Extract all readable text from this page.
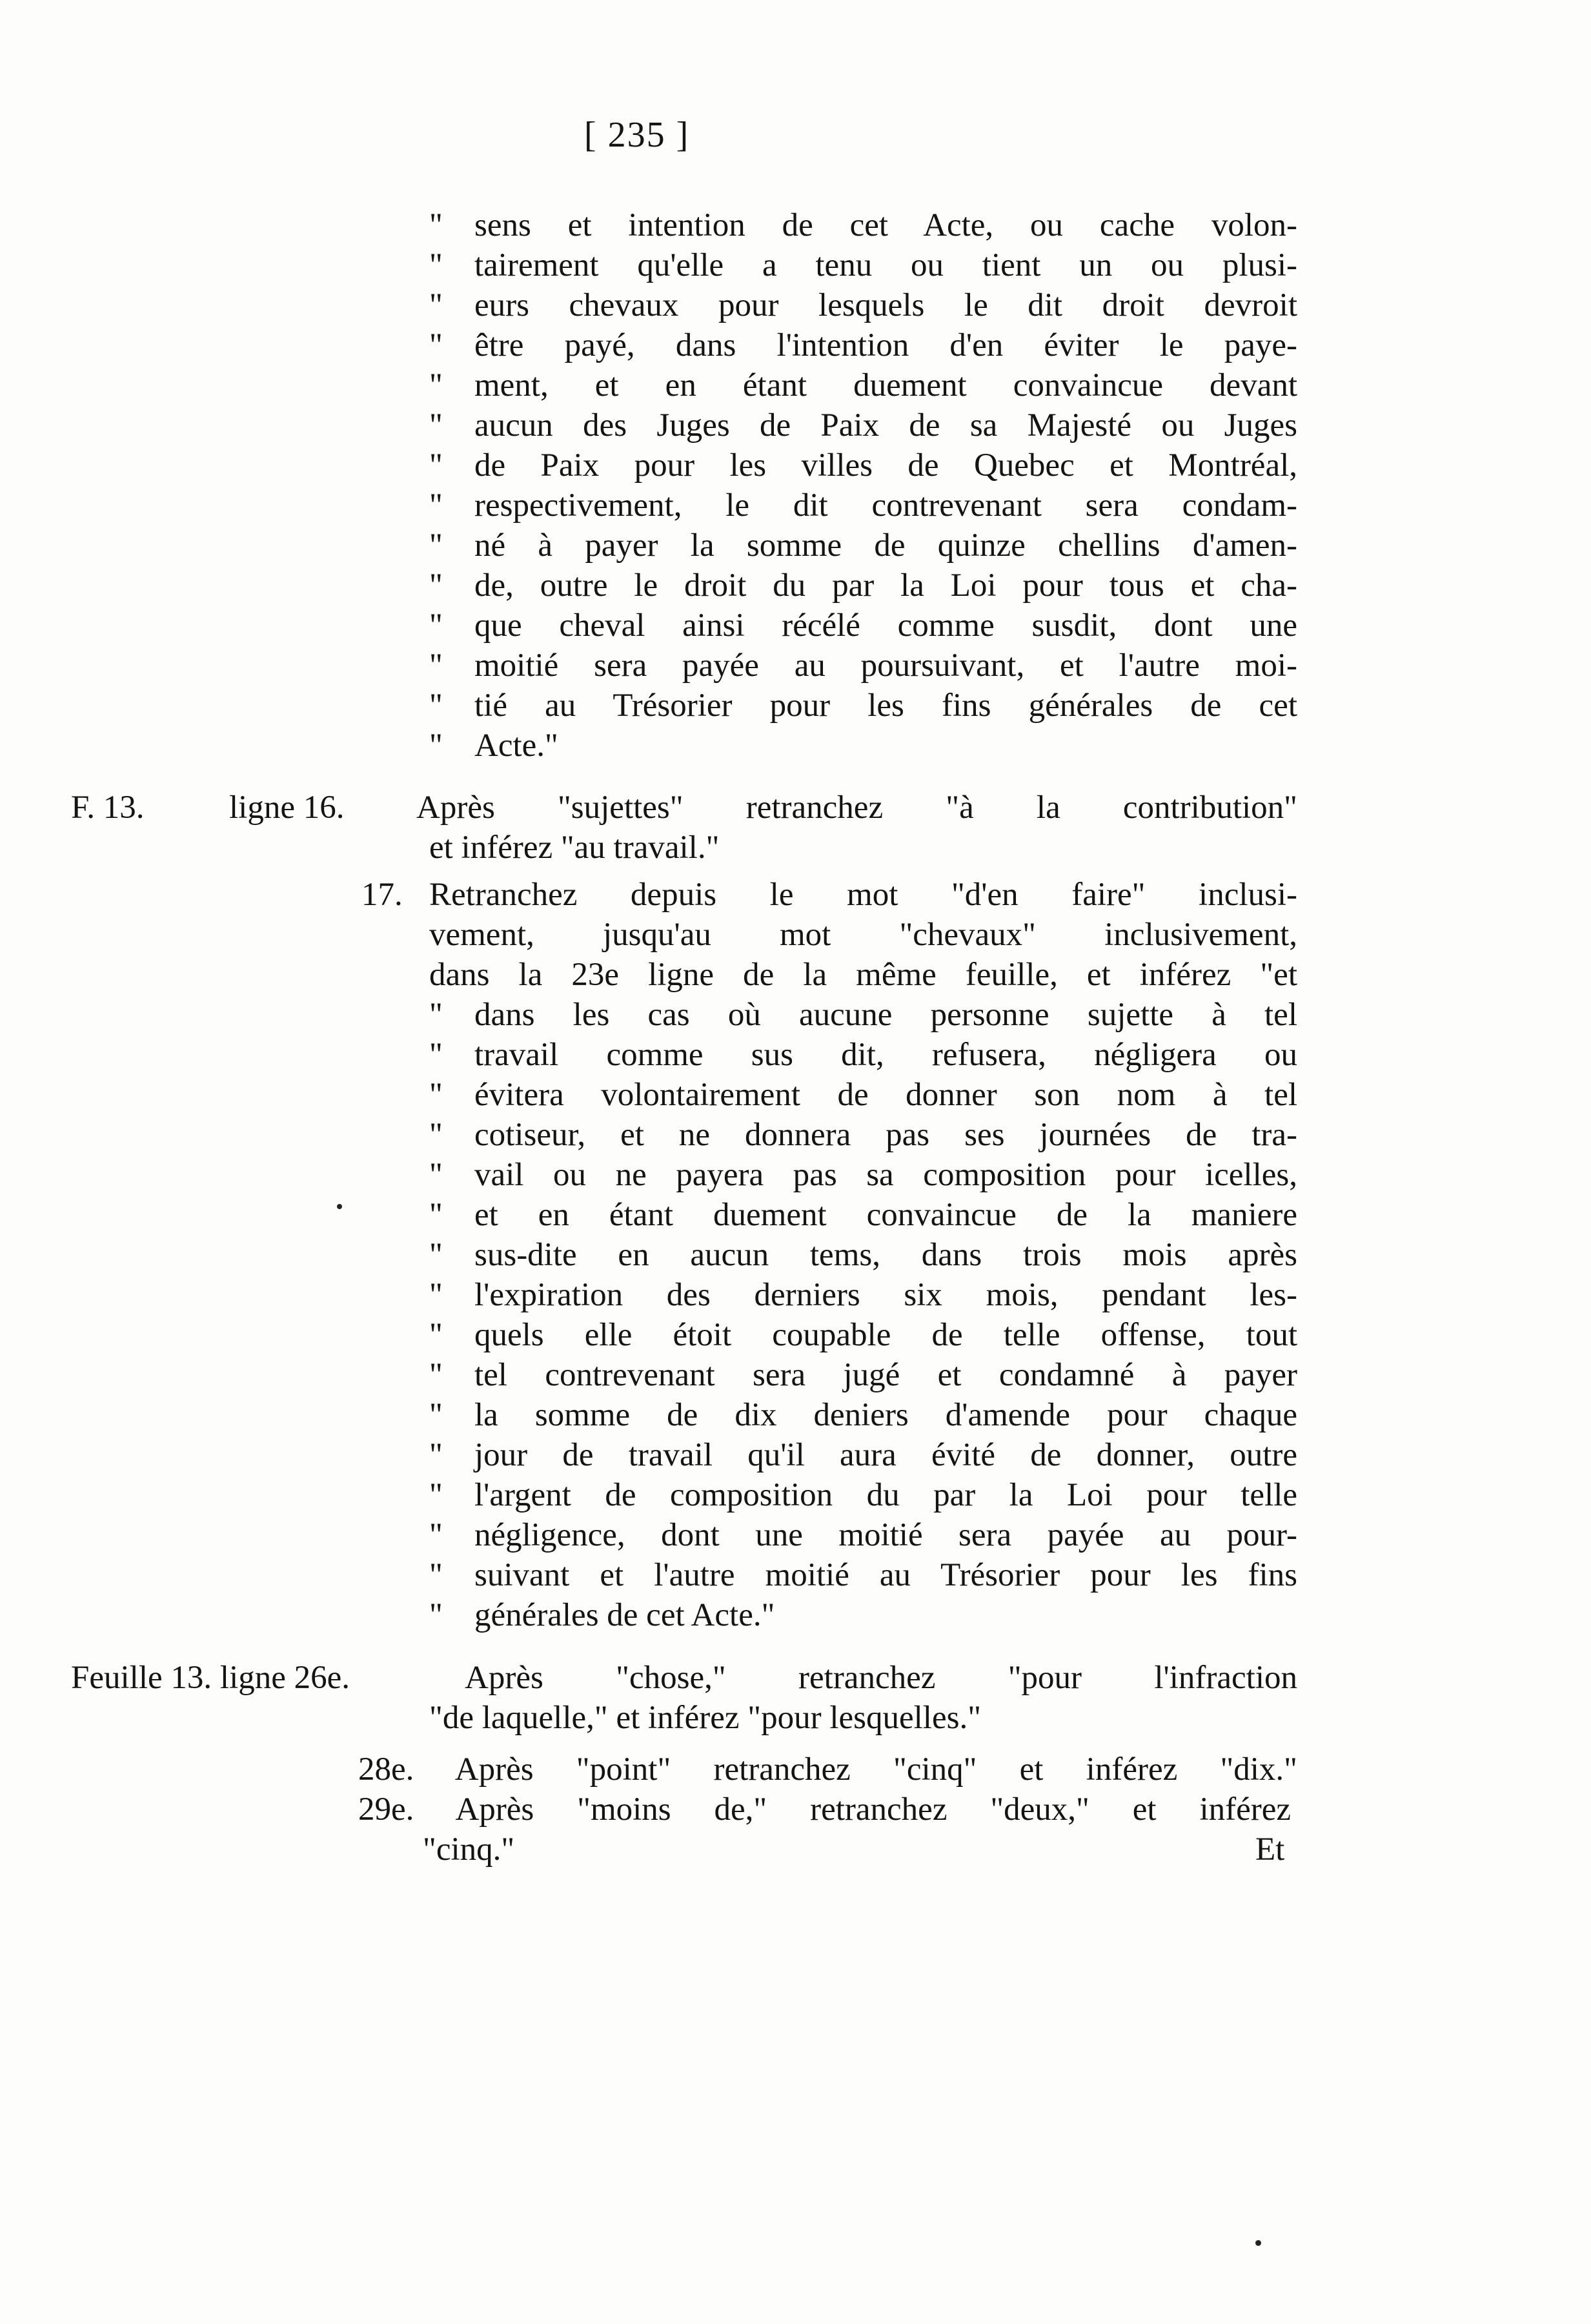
[ 235 ]
" sens et intention de cet Acte, ou cache volon-
" tairement qu'elle a tenu ou tient un ou plusi-
" eurs chevaux pour lesquels le dit droit devroit
" être payé, dans l'intention d'en éviter le paye-
" ment, et en étant duement convaincue devant
" aucun des Juges de Paix de sa Majesté ou Juges
" de Paix pour les villes de Quebec et Montréal,
" respectivement, le dit contrevenant sera condam-
" né à payer la somme de quinze chellins d'amen-
" de, outre le droit du par la Loi pour tous et cha-
" que cheval ainsi récélé comme susdit, dont une
" moitié sera payée au poursuivant, et l'autre moi-
" tié au Trésorier pour les fins générales de cet
" Acte."
F. 13.	ligne 16. Après "sujettes" retranchez "à la contribution"
et inférez "au travail."
17. Retranchez depuis le mot "d'en faire" inclusi-
vement, jusqu'au mot "chevaux" inclusivement,
dans la 23e ligne de la même feuille, et inférez "et
" dans les cas où aucune personne sujette à tel
" travail comme sus dit, refusera, négligera ou
" évitera volontairement de donner son nom à tel
" cotiseur, et ne donnera pas ses journées de tra-
" vail ou ne payera pas sa composition pour icelles,
" et en étant duement convaincue de la maniere
" sus-dite en aucun tems, dans trois mois après
" l'expiration des derniers six mois, pendant les-
" quels elle étoit coupable de telle offense, tout
" tel contrevenant sera jugé et condamné à payer
" la somme de dix deniers d'amende pour chaque
" jour de travail qu'il aura évité de donner, outre
" l'argent de composition du par la Loi pour telle
" négligence, dont une moitié sera payée au pour-
" suivant et l'autre moitié au Trésorier pour les fins
" générales de cet Acte."
Feuille 13. ligne 26e.	Après "chose," retranchez "pour l'infraction
"de laquelle," et inférez "pour lesquelles."
28e. Après "point" retranchez "cinq" et inférez "dix."
29e. Après "moins de," retranchez "deux," et inférez
"cinq."	Et
